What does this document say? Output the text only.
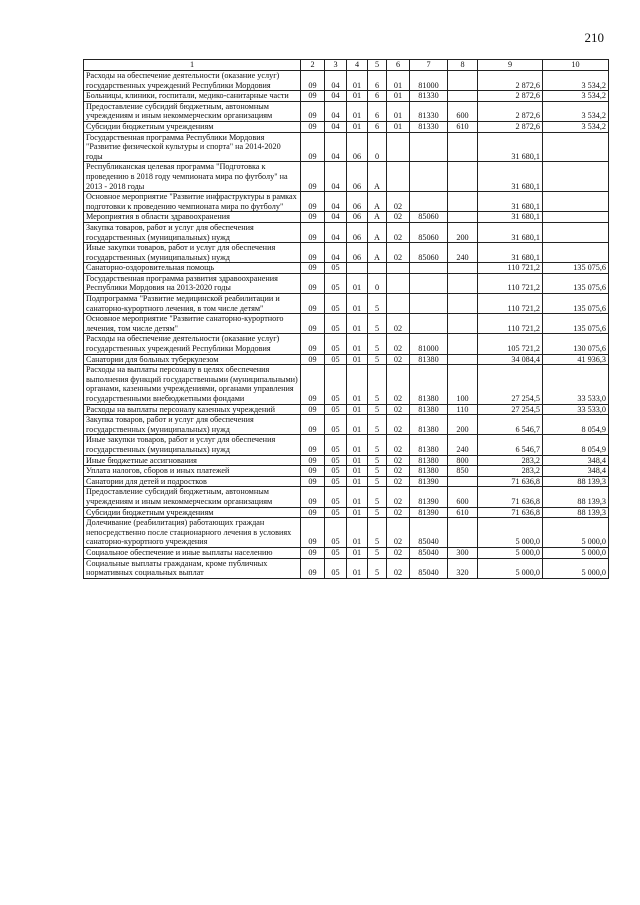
210
1	2	3	4	5	6	7	8	9	10
Расходы на обеспечение деятельности (оказание услуг) государственных учреждений Республики Мордовия	09	04	01	6	01	81000		2 872,6	3 534,2
Больницы, клиники, госпитали, медико-санитарные части	09	04	01	6	01	81330		2 872,6	3 534,2
Предоставление субсидий бюджетным, автономным учреждениям и иным некоммерческим организациям	09	04	01	6	01	81330	600	2 872,6	3 534,2
Субсидии бюджетным учреждениям	09	04	01	6	01	81330	610	2 872,6	3 534,2
Государственная программа Республики Мордовия "Развитие физической культуры и спорта" на 2014-2020 годы	09	04	06	0				31 680,1	
Республиканская целевая программа "Подготовка к проведению в 2018 году чемпионата мира по футболу" на 2013 - 2018 годы	09	04	06	А				31 680,1	
Основное мероприятие "Развитие инфраструктуры в рамках подготовки к проведению чемпионата мира по футболу"	09	04	06	А	02			31 680,1	
Мероприятия в области здравоохранения	09	04	06	А	02	85060		31 680,1	
Закупка товаров, работ и услуг для обеспечения государственных (муниципальных) нужд	09	04	06	А	02	85060	200	31 680,1	
Иные закупки товаров, работ и услуг для обеспечения государственных (муниципальных) нужд	09	04	06	А	02	85060	240	31 680,1	
Санаторно-оздоровительная помощь	09	05						110 721,2	135 075,6
Государственная программа развития здравоохранения Республики Мордовия на 2013-2020 годы	09	05	01	0				110 721,2	135 075,6
Подпрограмма "Развитие медицинской реабилитации и санаторно-курортного лечения, в том числе детям"	09	05	01	5				110 721,2	135 075,6
Основное мероприятие "Развитие санаторно-курортного лечения, том числе детям"	09	05	01	5	02			110 721,2	135 075,6
Расходы на обеспечение деятельности (оказание услуг) государственных учреждений Республики Мордовия	09	05	01	5	02	81000		105 721,2	130 075,6
Санатории для больных туберкулезом	09	05	01	5	02	81380		34 084,4	41 936,3
Расходы на выплаты персоналу в целях обеспечения выполнения функций государственными (муниципальными) органами, казенными учреждениями, органами управления государственными внебюджетными фондами	09	05	01	5	02	81380	100	27 254,5	33 533,0
Расходы на выплаты персоналу казенных учреждений	09	05	01	5	02	81380	110	27 254,5	33 533,0
Закупка товаров, работ и услуг для обеспечения государственных (муниципальных) нужд	09	05	01	5	02	81380	200	6 546,7	8 054,9
Иные закупки товаров, работ и услуг для обеспечения государственных (муниципальных) нужд	09	05	01	5	02	81380	240	6 546,7	8 054,9
Иные бюджетные ассигнования	09	05	01	5	02	81380	800	283,2	348,4
Уплата налогов, сборов и иных платежей	09	05	01	5	02	81380	850	283,2	348,4
Санатории для детей и подростков	09	05	01	5	02	81390		71 636,8	88 139,3
Предоставление субсидий бюджетным, автономным учреждениям и иным некоммерческим организациям	09	05	01	5	02	81390	600	71 636,8	88 139,3
Субсидии бюджетным учреждениям	09	05	01	5	02	81390	610	71 636,8	88 139,3
Долечивание (реабилитация) работающих граждан непосредственно после стационарного лечения в условиях санаторно-курортного учреждения	09	05	01	5	02	85040		5 000,0	5 000,0
Социальное обеспечение и иные выплаты населению	09	05	01	5	02	85040	300	5 000,0	5 000,0
Социальные выплаты гражданам, кроме публичных нормативных социальных выплат	09	05	01	5	02	85040	320	5 000,0	5 000,0
